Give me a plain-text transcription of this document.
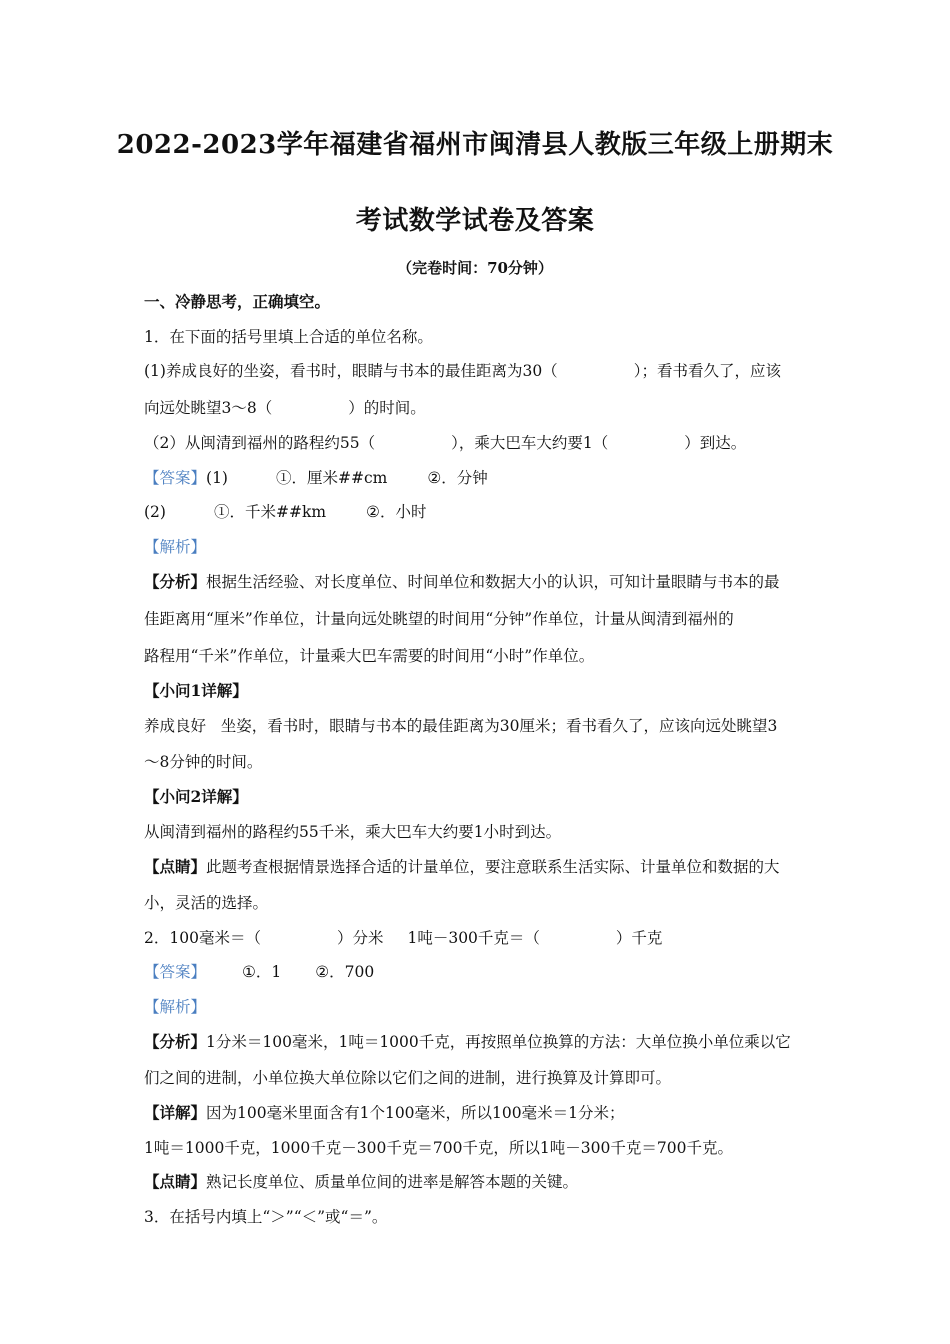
2022-2023学年福建省福州市闽清县人教版三年级上册期末
考试数学试卷及答案
（完卷时间：70分钟）
一、冷静思考，正确填空。
1．在下面的括号里填上合适的单位名称。
(1)养成良好的坐姿，看书时，眼睛与书本的最佳距离为30（	）；看书看久了，应该
向远处眺望3～8（	）的时间。
（2）从闽清到福州的路程约55（	），乘大巴车大约要1（	）到达。
【答案】(1)	①．厘米##cm	②．分钟
(2)	①．千米##km	②．小时
【解析】
【分析】根据生活经验、对长度单位、时间单位和数据大小的认识，可知计量眼睛与书本的最
佳距离用“厘米”作单位，计量向远处眺望的时间用“分钟”作单位，计量从闽清到福州的
路程用“千米”作单位，计量乘大巴车需要的时间用“小时”作单位。
【小问1详解】
养成良好   坐姿，看书时，眼睛与书本的最佳距离为30厘米；看书看久了，应该向远处眺望3
～8分钟的时间。
【小问2详解】
从闽清到福州的路程约55千米，乘大巴车大约要1小时到达。
【点睛】此题考查根据情景选择合适的计量单位，要注意联系生活实际、计量单位和数据的大
小，灵活的选择。
2．100毫米＝（	）分米 1吨－300千克＝（	）千克
【答案】 ①．1 ②．700
【解析】
【分析】1分米＝100毫米，1吨＝1000千克，再按照单位换算的方法：大单位换小单位乘以它
们之间的进制，小单位换大单位除以它们之间的进制，进行换算及计算即可。
【详解】因为100毫米里面含有1个100毫米，所以100毫米＝1分米；
1吨＝1000千克，1000千克－300千克＝700千克，所以1吨－300千克＝700千克。
【点睛】熟记长度单位、质量单位间的进率是解答本题的关键。
3．在括号内填上“＞”“＜”或“＝”。
